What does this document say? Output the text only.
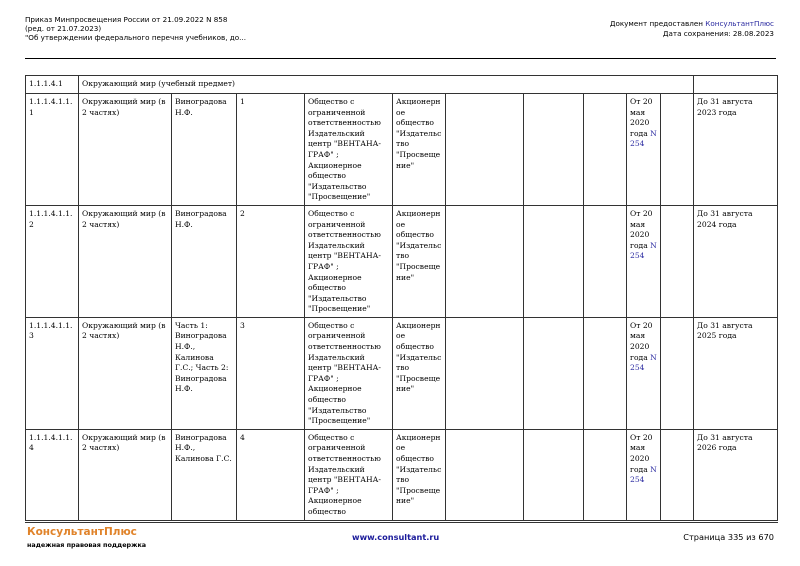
Приказ Минпросвещения России от 21.09.2022 N 858
(ред. от 21.07.2023)
"Об утверждении федерального перечня учебников, до...
Документ предоставлен КонсультантПлюс
Дата сохранения: 28.08.2023
1.1.1.4.1	Окружающий мир (учебный предмет)										
1.1.1.4.1.1.1	Окружающий мир (в 2 частях)	Виноградова Н.Ф.	1	Общество с ограниченной ответственностью Издательский центр "ВЕНТАНА-ГРАФ" ; Акционерное общество "Издательство "Просвещение"	Акционерное общество "Издательство "Просвещение"				От 20 мая 2020 года N 254		До 31 августа 2023 года
1.1.1.4.1.1.2	Окружающий мир (в 2 частях)	Виноградова Н.Ф.	2	Общество с ограниченной ответственностью Издательский центр "ВЕНТАНА-ГРАФ" ; Акционерное общество "Издательство "Просвещение"	Акционерное общество "Издательство "Просвещение"				От 20 мая 2020 года N 254		До 31 августа 2024 года
1.1.1.4.1.1.3	Окружающий мир (в 2 частях)	Часть 1: Виноградова Н.Ф., Калинова Г.С.; Часть 2: Виноградова Н.Ф.	3	Общество с ограниченной ответственностью Издательский центр "ВЕНТАНА-ГРАФ" ; Акционерное общество "Издательство "Просвещение"	Акционерное общество "Издательство "Просвещение"				От 20 мая 2020 года N 254		До 31 августа 2025 года
1.1.1.4.1.1.4	Окружающий мир (в 2 частях)	Виноградова Н.Ф., Калинова Г.С.	4	Общество с ограниченной ответственностью Издательский центр "ВЕНТАНА-ГРАФ" ; Акционерное общество	Акционерное общество "Издательство "Просвещение"				От 20 мая 2020 года N 254		До 31 августа 2026 года
КонсультантПлюс
надежная правовая поддержка
www.consultant.ru	Страница 335 из 670
